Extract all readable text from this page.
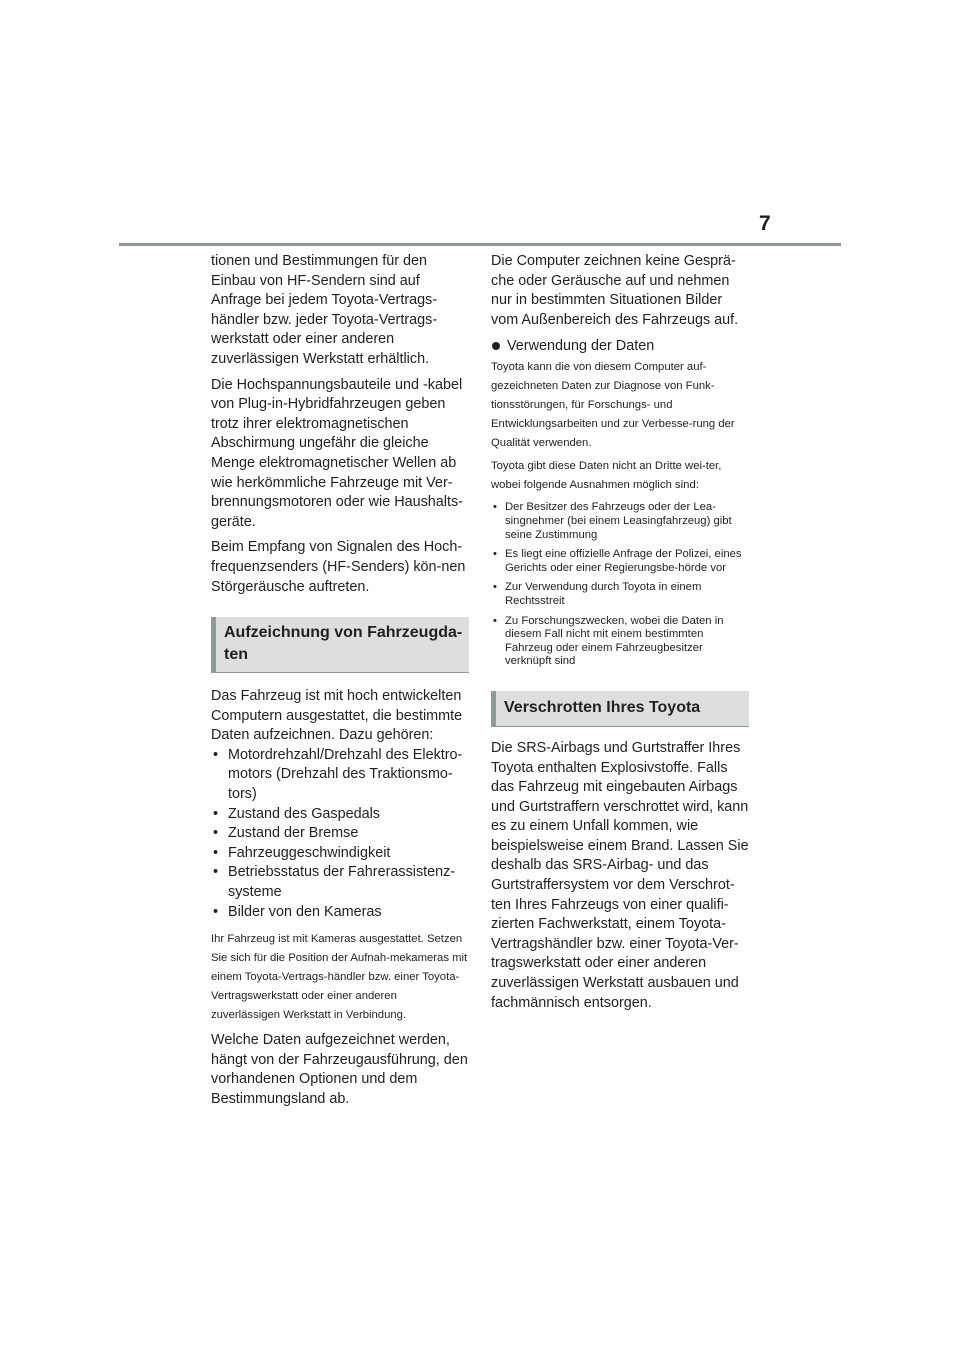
7

tionen und Bestimmungen für den Einbau von HF-Sendern sind auf Anfrage bei jedem Toyota-Vertrags-händler bzw. jeder Toyota-Vertrags-werkstatt oder einer anderen zuverlässigen Werkstatt erhältlich.

Die Hochspannungsbauteile und -kabel von Plug-in-Hybridfahrzeugen geben trotz ihrer elektromagnetischen Abschirmung ungefähr die gleiche Menge elektromagnetischer Wellen ab wie herkömmliche Fahrzeuge mit Ver-brennungsmotoren oder wie Haushalts-geräte.

Beim Empfang von Signalen des Hoch-frequenzsenders (HF-Senders) kön-nen Störgeräusche auftreten.

Aufzeichnung von Fahrzeugda-ten

Das Fahrzeug ist mit hoch entwickelten Computern ausgestattet, die bestimmte Daten aufzeichnen. Dazu gehören:

• Motordrehzahl/Drehzahl des Elektro-motors (Drehzahl des Traktionsmo-tors)
• Zustand des Gaspedals
• Zustand der Bremse
• Fahrzeuggeschwindigkeit
• Betriebsstatus der Fahrerassistenz-systeme
• Bilder von den Kameras

Ihr Fahrzeug ist mit Kameras ausgestattet. Setzen Sie sich für die Position der Aufnah-mekameras mit einem Toyota-Vertrags-händler bzw. einer Toyota-Vertragswerkstatt oder einer anderen zuverlässigen Werkstatt in Verbindung.

Welche Daten aufgezeichnet werden, hängt von der Fahrzeugausführung, den vorhandenen Optionen und dem Bestimmungsland ab.

Die Computer zeichnen keine Gesprä-che oder Geräusche auf und nehmen nur in bestimmten Situationen Bilder vom Außenbereich des Fahrzeugs auf.

Verwendung der Daten

Toyota kann die von diesem Computer auf-gezeichneten Daten zur Diagnose von Funk-tionsstörungen, für Forschungs- und Entwicklungsarbeiten und zur Verbesse-rung der Qualität verwenden.

Toyota gibt diese Daten nicht an Dritte wei-ter, wobei folgende Ausnahmen möglich sind:

• Der Besitzer des Fahrzeugs oder der Lea-singnehmer (bei einem Leasingfahrzeug) gibt seine Zustimmung
• Es liegt eine offizielle Anfrage der Polizei, eines Gerichts oder einer Regierungsbe-hörde vor
• Zur Verwendung durch Toyota in einem Rechtsstreit
• Zu Forschungszwecken, wobei die Daten in diesem Fall nicht mit einem bestimmten Fahrzeug oder einem Fahrzeugbesitzer verknüpft sind
Verschrotten Ihres Toyota

Die SRS-Airbags und Gurtstraffer Ihres Toyota enthalten Explosivstoffe. Falls das Fahrzeug mit eingebauten Airbags und Gurtstraffern verschrottet wird, kann es zu einem Unfall kommen, wie beispielsweise einem Brand. Lassen Sie deshalb das SRS-Airbag- und das Gurtstraffersystem vor dem Verschrot-ten Ihres Fahrzeugs von einer qualifi-zierten Fachwerkstatt, einem Toyota-Vertragshändler bzw. einer Toyota-Ver-tragswerkstatt oder einer anderen zuverlässigen Werkstatt ausbauen und fachmännisch entsorgen.
